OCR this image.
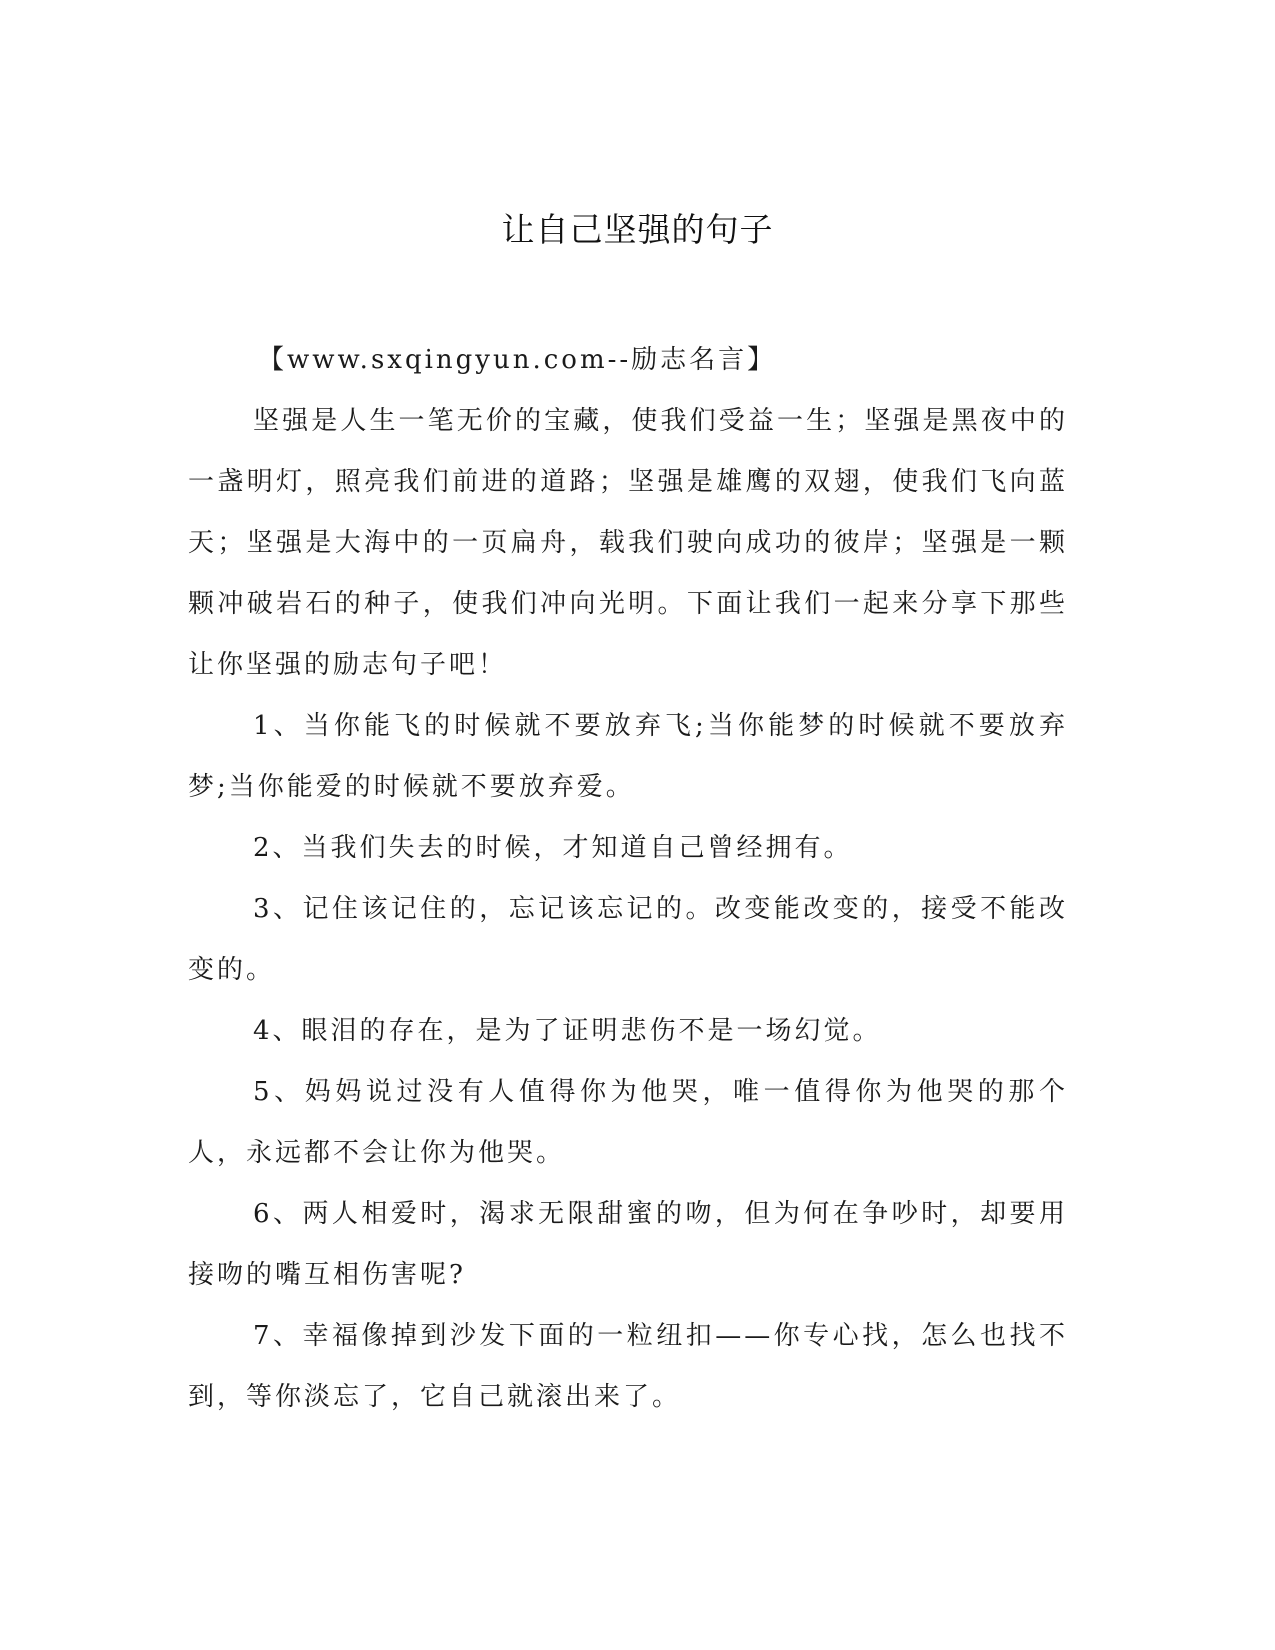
让自己坚强的句子

【www.sxqingyun.com--励志名言】

坚强是人生一笔无价的宝藏，使我们受益一生；坚强是黑夜中的一盏明灯，照亮我们前进的道路；坚强是雄鹰的双翅，使我们飞向蓝天；坚强是大海中的一页扁舟，载我们驶向成功的彼岸；坚强是一颗颗冲破岩石的种子，使我们冲向光明。下面让我们一起来分享下那些让你坚强的励志句子吧！

1、当你能飞的时候就不要放弃飞;当你能梦的时候就不要放弃梦;当你能爱的时候就不要放弃爱。

2、当我们失去的时候，才知道自己曾经拥有。

3、记住该记住的，忘记该忘记的。改变能改变的，接受不能改变的。

4、眼泪的存在，是为了证明悲伤不是一场幻觉。

5、妈妈说过没有人值得你为他哭，唯一值得你为他哭的那个人，永远都不会让你为他哭。

6、两人相爱时，渴求无限甜蜜的吻，但为何在争吵时，却要用接吻的嘴互相伤害呢?

7、幸福像掉到沙发下面的一粒纽扣——你专心找，怎么也找不到，等你淡忘了，它自己就滚出来了。
